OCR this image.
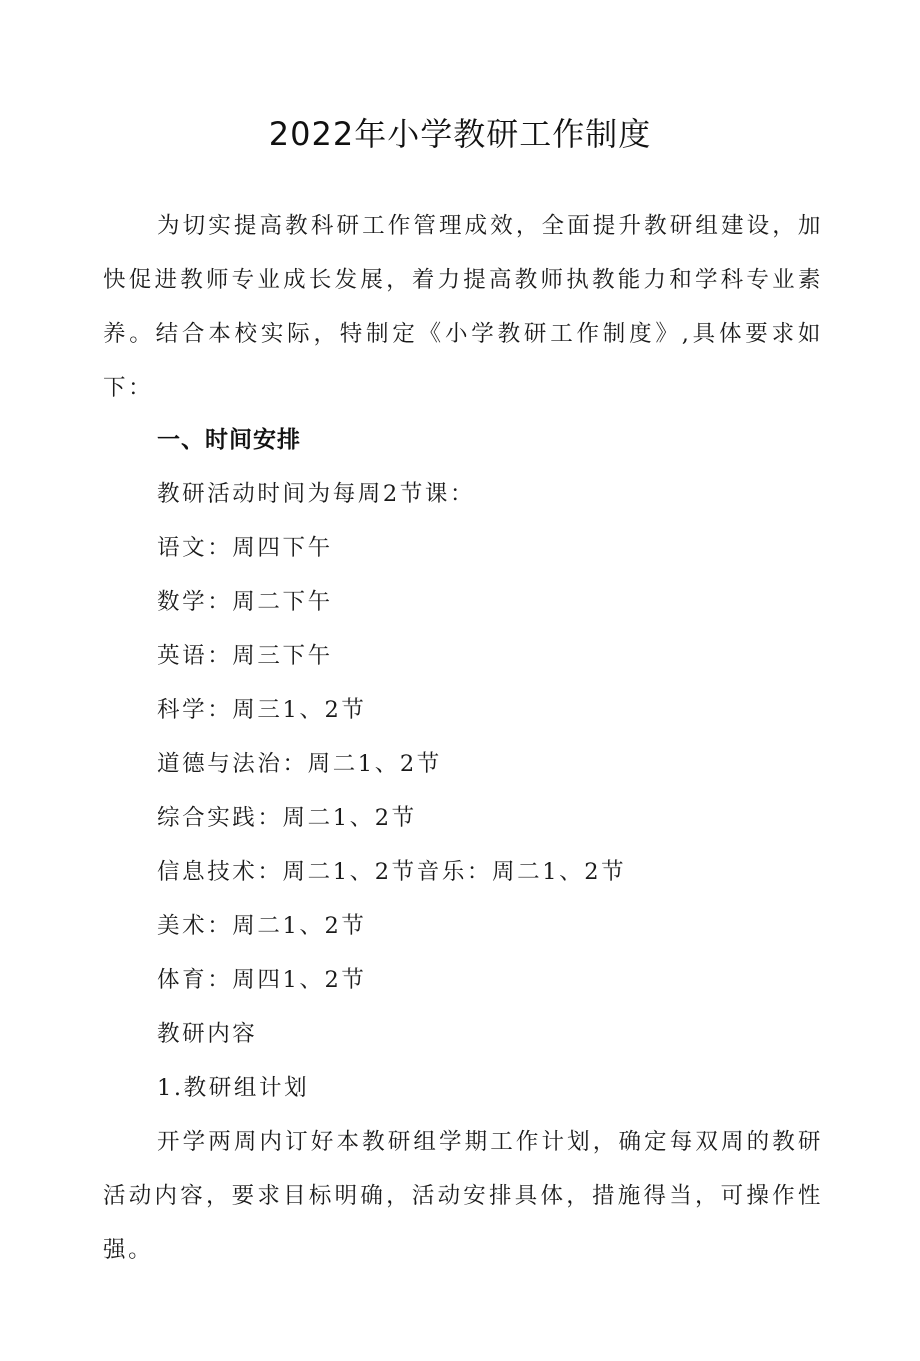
2022年小学教研工作制度

为切实提高教科研工作管理成效，全面提升教研组建设，加快促进教师专业成长发展，着力提高教师执教能力和学科专业素养。结合本校实际，特制定《小学教研工作制度》,具体要求如下：

一、时间安排

教研活动时间为每周2节课：

语文：周四下午

数学：周二下午

英语：周三下午

科学：周三1、2节

道德与法治：周二1、2节

综合实践：周二1、2节

信息技术：周二1、2节音乐：周二1、2节

美术：周二1、2节

体育：周四1、2节

教研内容

1.教研组计划

开学两周内订好本教研组学期工作计划，确定每双周的教研活动内容，要求目标明确，活动安排具体，措施得当，可操作性强。
